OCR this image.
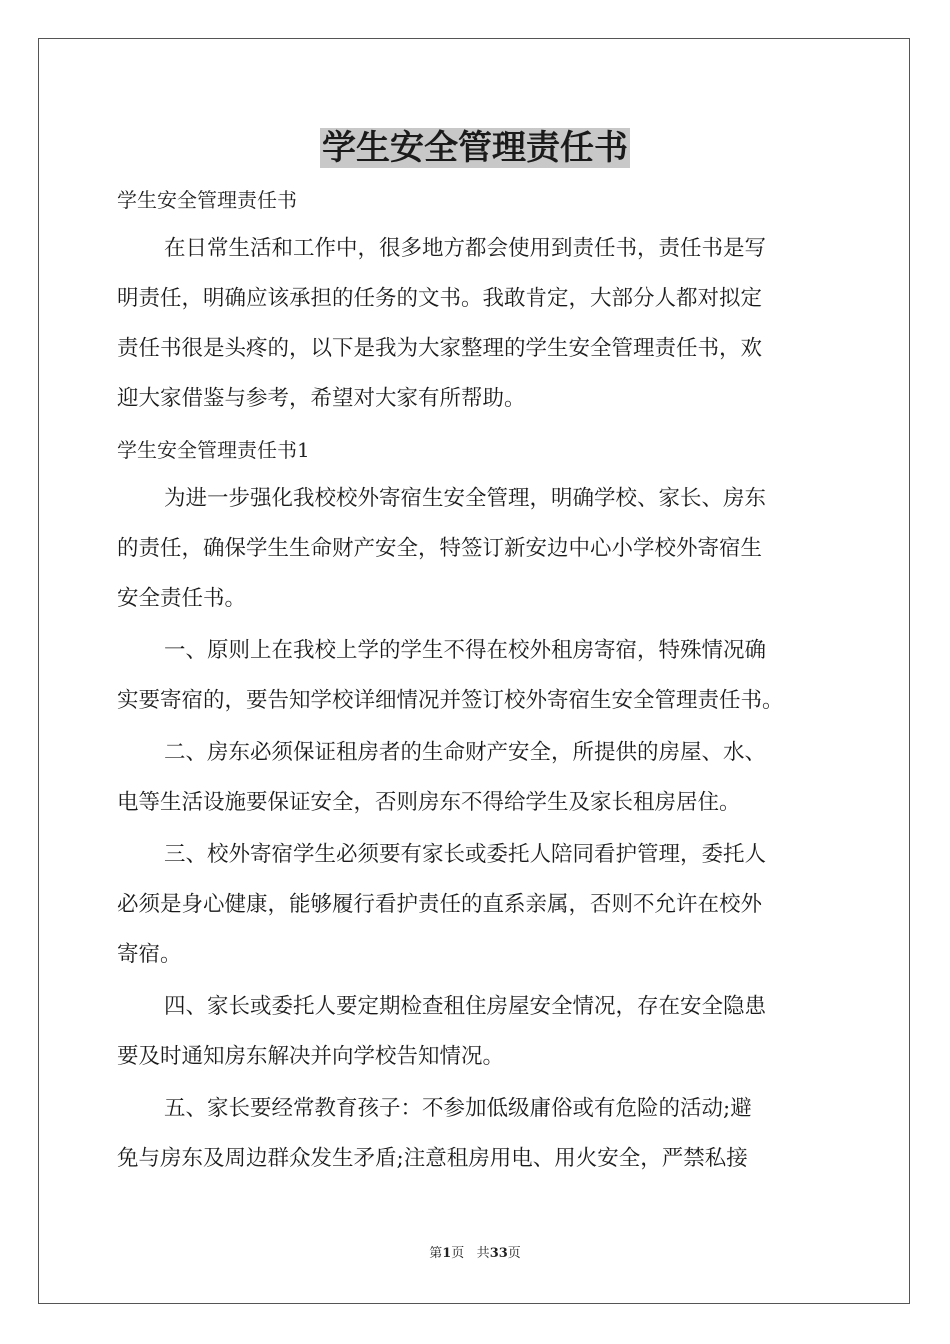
学生安全管理责任书

学生安全管理责任书

在日常生活和工作中，很多地方都会使用到责任书，责任书是写

明责任，明确应该承担的任务的文书。我敢肯定，大部分人都对拟定

责任书很是头疼的，以下是我为大家整理的学生安全管理责任书，欢

迎大家借鉴与参考，希望对大家有所帮助。

学生安全管理责任书1

为进一步强化我校校外寄宿生安全管理，明确学校、家长、房东

的责任，确保学生生命财产安全，特签订新安边中心小学校外寄宿生

安全责任书。

一、原则上在我校上学的学生不得在校外租房寄宿，特殊情况确

实要寄宿的，要告知学校详细情况并签订校外寄宿生安全管理责任书。

二、房东必须保证租房者的生命财产安全，所提供的房屋、水、

电等生活设施要保证安全，否则房东不得给学生及家长租房居住。

三、校外寄宿学生必须要有家长或委托人陪同看护管理，委托人

必须是身心健康，能够履行看护责任的直系亲属，否则不允许在校外

寄宿。

四、家长或委托人要定期检查租住房屋安全情况，存在安全隐患

要及时通知房东解决并向学校告知情况。

五、家长要经常教育孩子：不参加低级庸俗或有危险的活动;避

免与房东及周边群众发生矛盾;注意租房用电、用火安全，严禁私接

第1页 共33页
